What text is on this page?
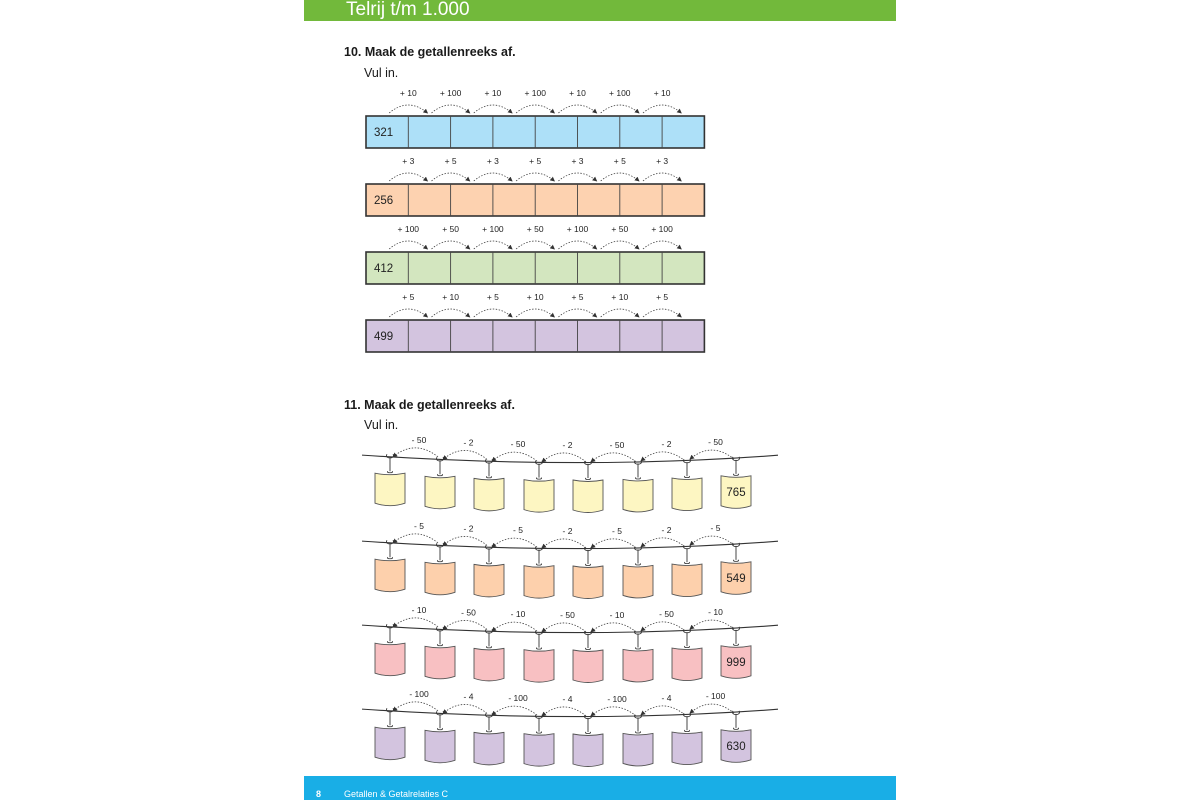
Telrij t/m 1.000
10. Maak de getallenreeks af.
Vul in.
+ 10	+ 100	+ 10	+ 100	+ 10	+ 100	+ 10
321
+ 3	+ 5	+ 3	+ 5	+ 3	+ 5	+ 3
256
+ 100	+ 50	+ 100	+ 50	+ 100	+ 50	+ 100
412
+ 5	+ 10	+ 5	+ 10	+ 5	+ 10	+ 5
499
11. Maak de getallenreeks af.
Vul in.
- 50
- 2
- 50
- 2
- 50
- 2
- 50
765
- 5
- 2
- 5
- 2
- 5
- 2
- 5
549
- 10
- 50
- 10
- 50
- 10
- 50
- 10
999
- 100
- 4
- 100
- 4
- 100
- 4
- 100
630
8	Getallen & Getalrelaties C
